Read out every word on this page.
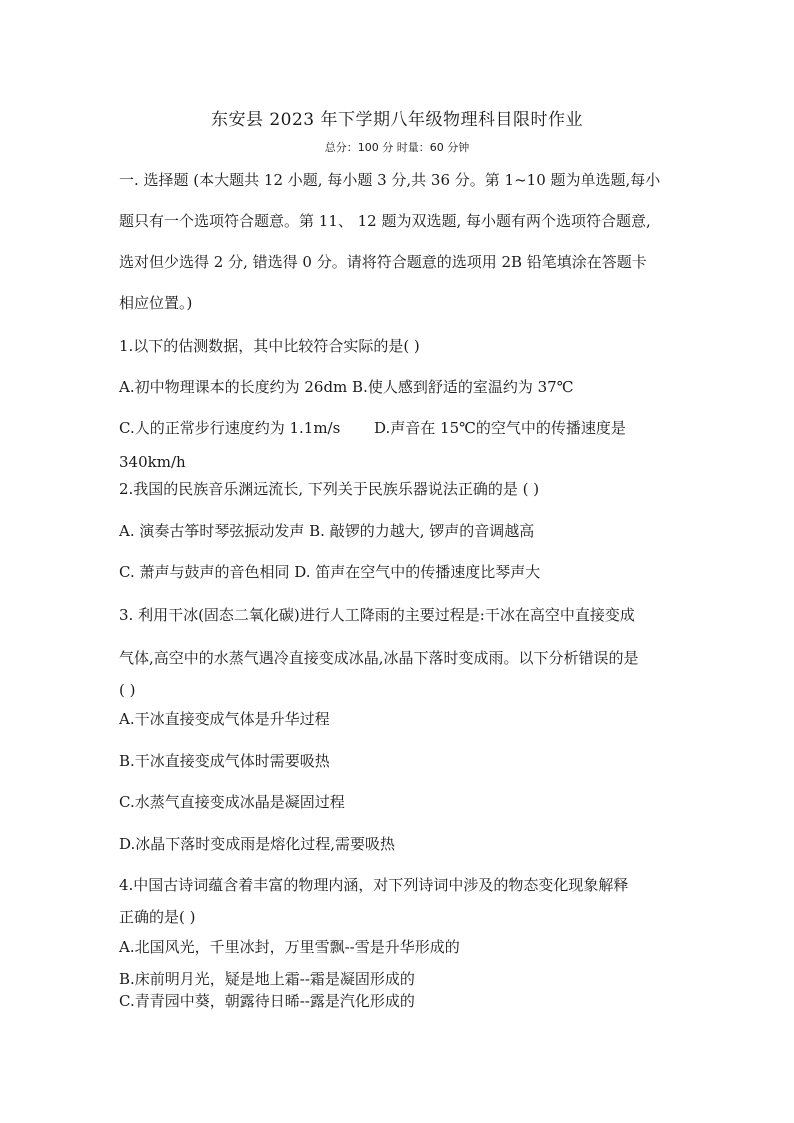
东安县 2023 年下学期八年级物理科目限时作业
总分：100 分 时量：60 分钟
一. 选择题 (本大题共 12 小题, 每小题 3 分,共 36 分。第 1~10 题为单选题,每小
题只有一个选项符合题意。第 11、 12 题为双选题, 每小题有两个选项符合题意,
选对但少选得 2 分, 错选得 0 分。请将符合题意的选项用 2B 铅笔填涂在答题卡
相应位置。)
1.以下的估测数据，其中比较符合实际的是( )
A.初中物理课本的长度约为 26dm B.使人感到舒适的室温约为 37℃
C.人的正常步行速度约为 1.1m/s D.声音在 15℃的空气中的传播速度是
340km/h
2.我国的民族音乐渊远流长, 下列关于民族乐器说法正确的是 ( )
A. 演奏古筝时琴弦振动发声 B. 敲锣的力越大, 锣声的音调越高
C. 萧声与鼓声的音色相同 D. 笛声在空气中的传播速度比琴声大
3. 利用干冰(固态二氧化碳)进行人工降雨的主要过程是:干冰在高空中直接变成
气体,高空中的水蒸气遇冷直接变成冰晶,冰晶下落时变成雨。以下分析错误的是
( )
A.干冰直接变成气体是升华过程
B.干冰直接变成气体时需要吸热
C.水蒸气直接变成冰晶是凝固过程
D.冰晶下落时变成雨是熔化过程,需要吸热
4.中国古诗词蕴含着丰富的物理内涵，对下列诗词中涉及的物态变化现象解释
正确的是( )
A.北国风光，千里冰封，万里雪飘--雪是升华形成的
B.床前明月光，疑是地上霜--霜是凝固形成的
C.青青园中葵，朝露待日晞--露是汽化形成的
